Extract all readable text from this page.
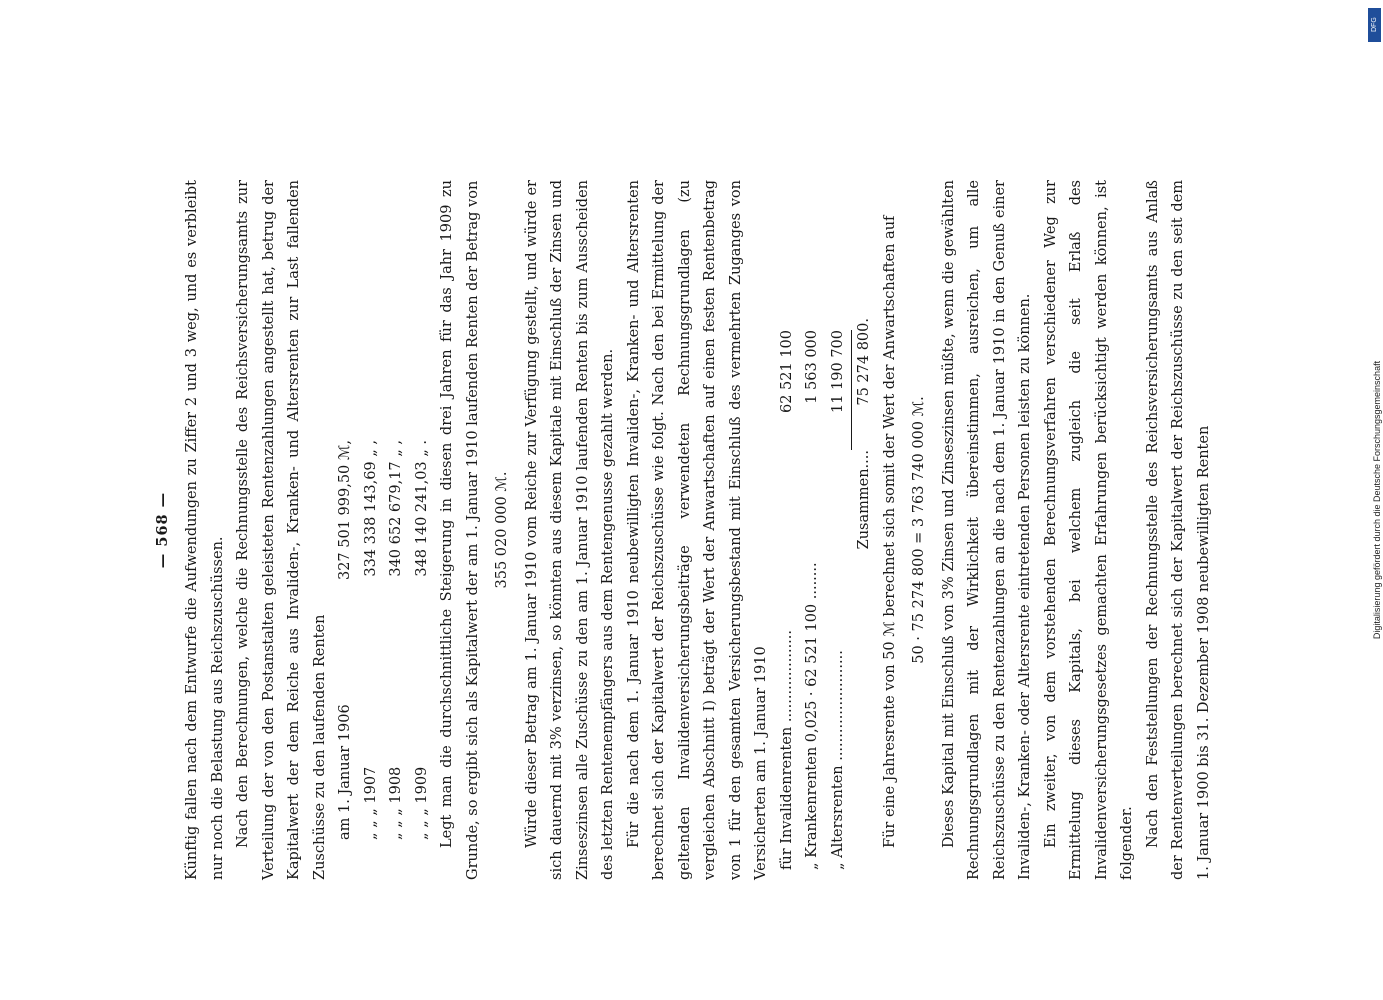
— 568 — Künftig fallen nach dem Entwurfe die Aufwendungen zu Ziffer 2 und 3 weg, und es verbleibt nur noch die Belastung aus Reichszuschüssen. Nach den Berechnungen, welche die Rechnungsstelle des Reichsversicherungsamts zur Verteilung der von den Postanstalten geleisteten Rentenzahlungen angestellt hat, betrug der Kapitalwert der dem Reiche aus Invaliden-, Kranken- und Altersrenten zur Last fallenden Zuschüsse zu den laufenden Renten am 1. Januar 1906
327 501 999,50 ℳ,
„ „ „ 1907
334 338 143,69 „ ,
„ „ „ 1908
340 652 679,17 „ ,
„ „ „ 1909
348 140 241,03 „ . Legt man die durchschnittliche Steigerung in diesen drei Jahren für das Jahr 1909 zu Grunde, so ergibt sich als Kapitalwert der am 1. Januar 1910 laufenden Renten der Betrag von 355 020 000 ℳ. Würde dieser Betrag am 1. Januar 1910 vom Reiche zur Verfügung gestellt, und würde er sich dauernd mit 3% verzinsen, so könnten aus diesem Kapitale mit Einschluß der Zinsen und Zinseszinsen alle Zuschüsse zu den am 1. Januar 1910 laufenden Renten bis zum Ausscheiden des letzten Rentenempfängers aus dem Rentengenusse gezahlt werden. Für die nach dem 1. Januar 1910 neubewilligten Invaliden-, Kranken- und Altersrenten berechnet sich der Kapitalwert der Reichszuschüsse wie folgt. Nach den bei Ermittelung der geltenden Invalidenversicherungsbeiträge verwendeten Rechnungsgrundlagen (zu vergleichen Abschnitt I) beträgt der Wert der Anwartschaften auf einen festen Rentenbetrag von 1 für den gesamten Versicherungsbestand mit Einschluß des vermehrten Zuganges von Versicherten am 1. Januar 1910 für Invalidenrenten ....................
62 521 100
„ Krankenrenten 0,025 · 62 521 100 ........
1 563 000
„ Altersrenten ........................
11 190 700
Zusammen....
75 274 800. Für eine Jahresrente von 50 ℳ berechnet sich somit der Wert der Anwartschaften auf 50 · 75 274 800 = 3 763 740 000 ℳ. Dieses Kapital mit Einschluß von 3% Zinsen und Zinseszinsen müßte, wenn die gewählten Rechnungsgrundlagen mit der Wirklichkeit übereinstimmen, ausreichen, um alle Reichszuschüsse zu den Rentenzahlungen an die nach dem 1. Januar 1910 in den Genuß einer Invaliden-, Kranken- oder Altersrente eintretenden Personen leisten zu können. Ein zweiter, von dem vorstehenden Berechnungsverfahren verschiedener Weg zur Ermittelung dieses Kapitals, bei welchem zugleich die seit Erlaß des Invalidenversicherungsgesetzes gemachten Erfahrungen berücksichtigt werden können, ist folgender. Nach den Feststellungen der Rechnungsstelle des Reichsversicherungsamts aus Anlaß der Rentenverteilungen berechnet sich der Kapitalwert der Reichszuschüsse zu den seit dem 1. Januar 1900 bis 31. Dezember 1908 neubewilligten Renten

DFG
Digitalisierung gefördert durch die Deutsche Forschungsgemeinschaft
